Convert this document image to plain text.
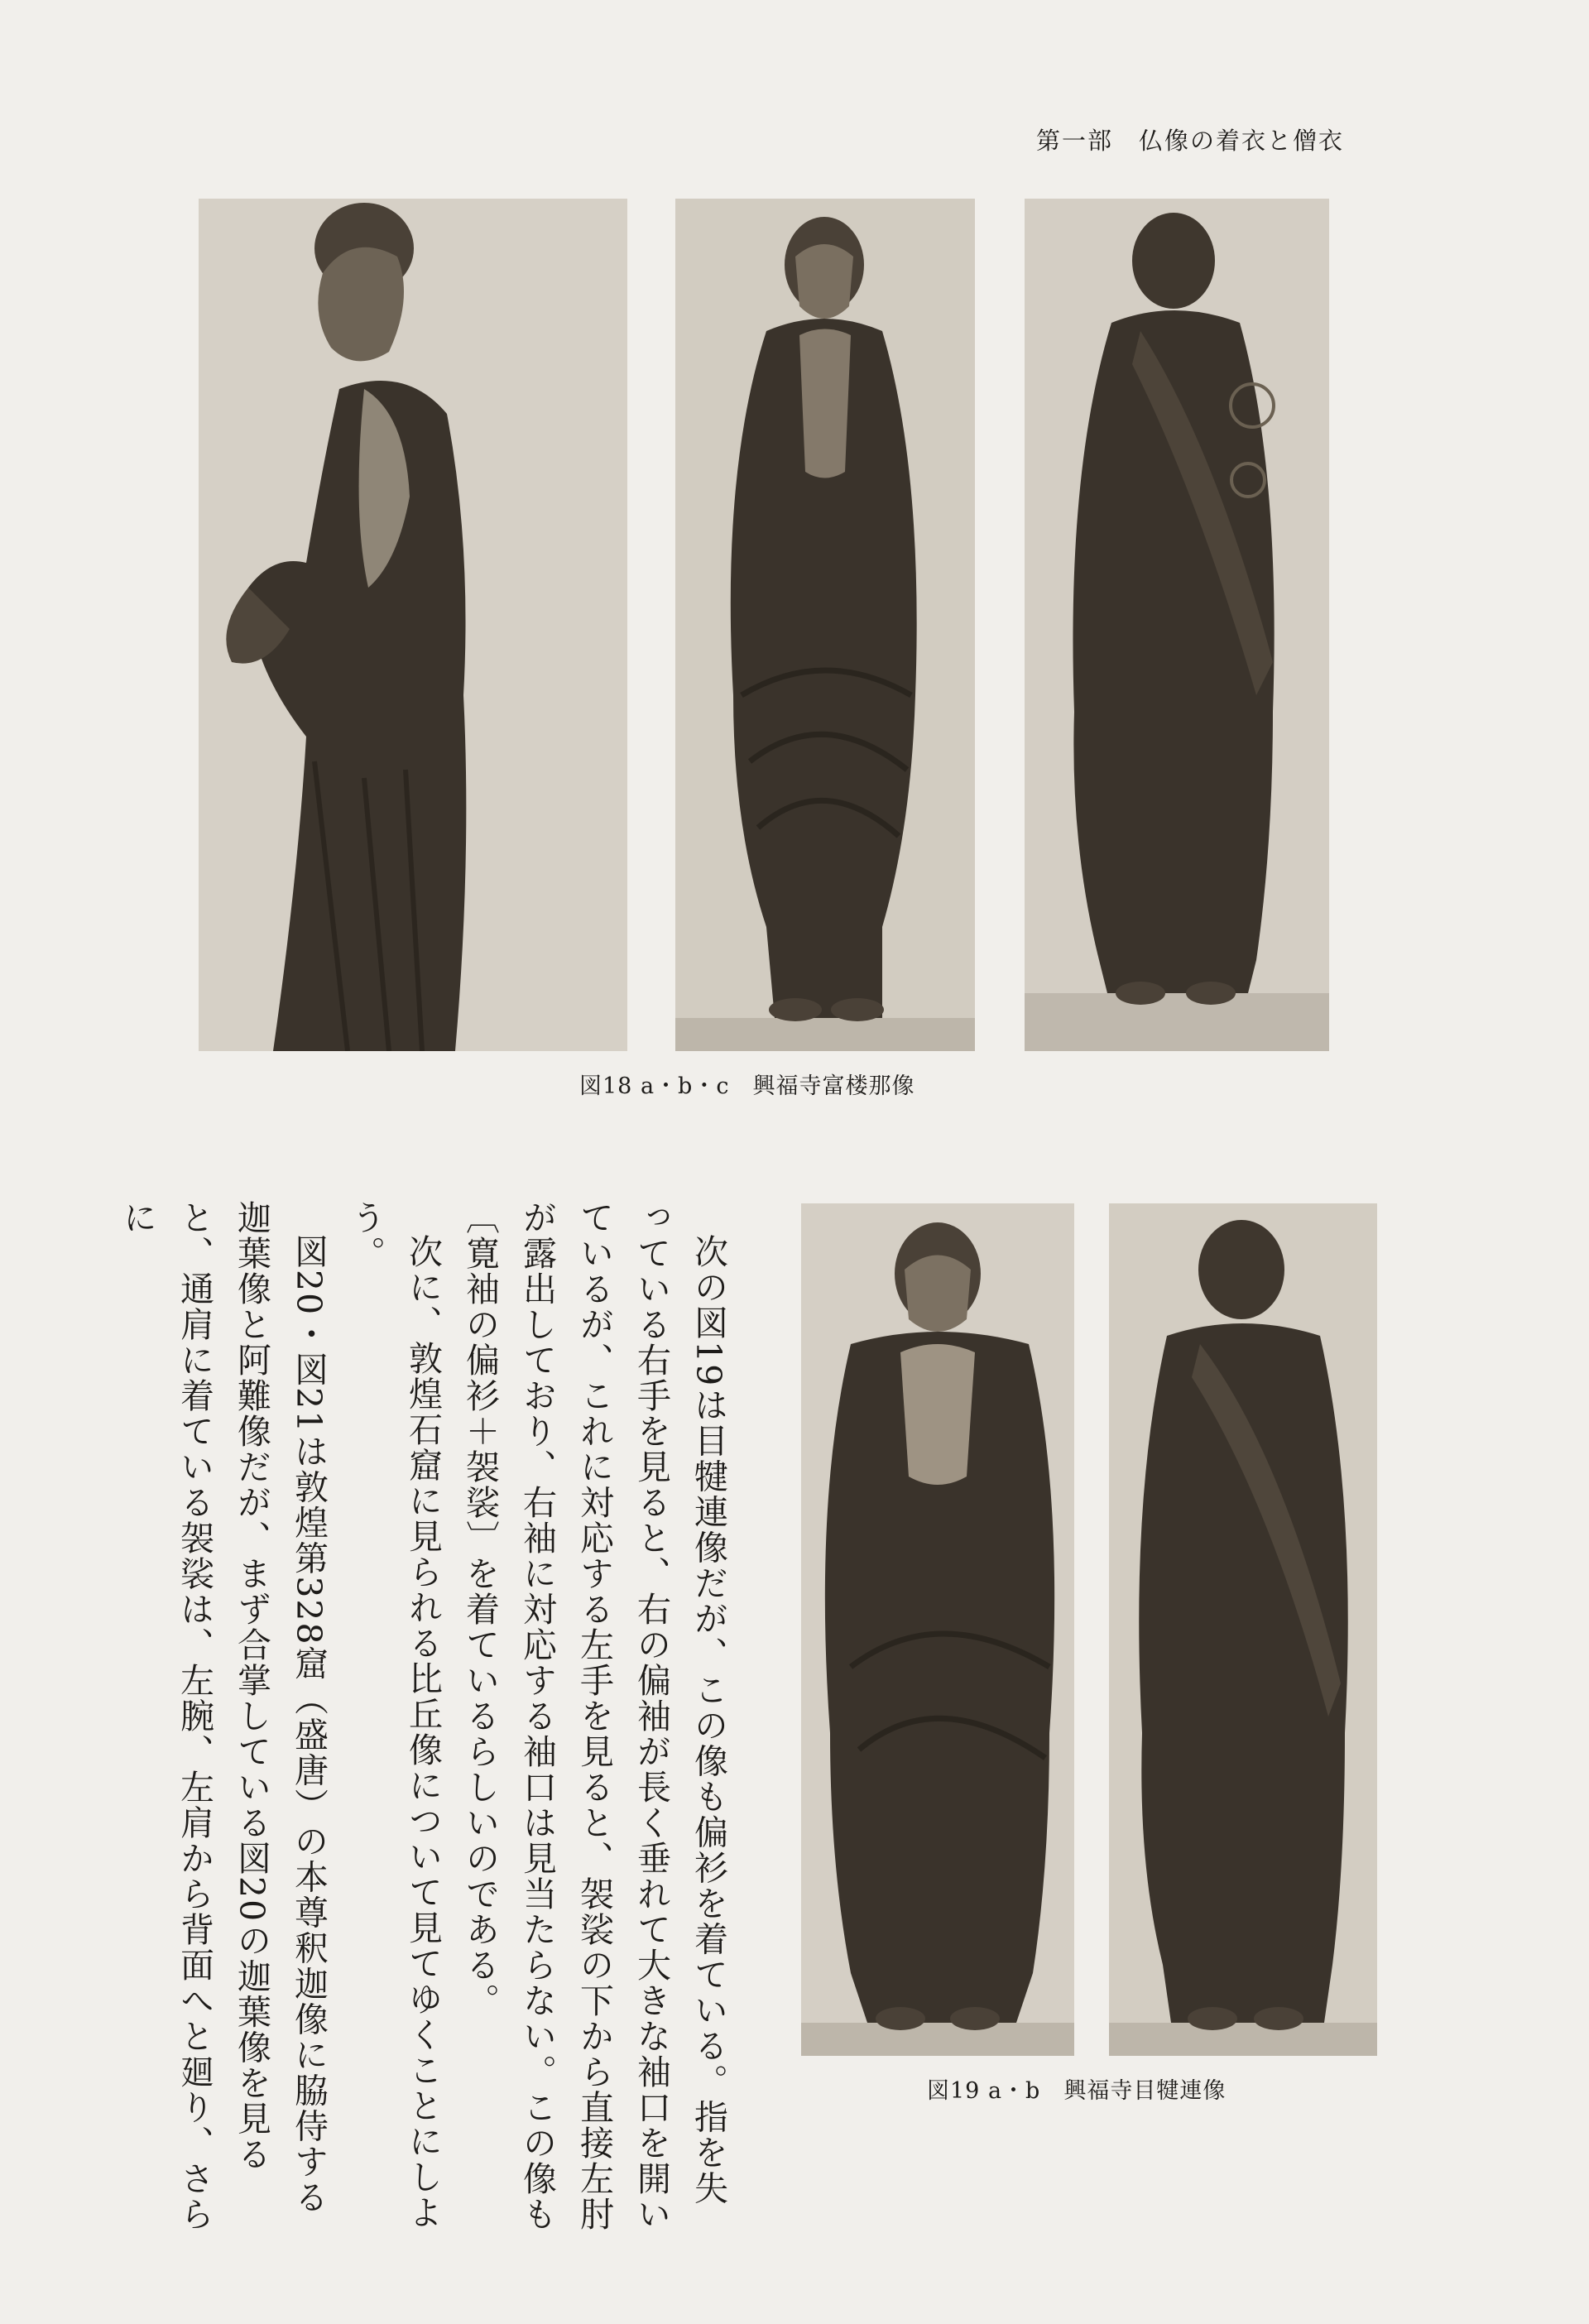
第一部　仏像の着衣と僧衣
図18 a・b・c　興福寺富楼那像

次の図19は目犍連像だが、この像も偏衫を着ている。指を失っている右手を見ると、右の偏袖が長く垂れて大きな袖口を開いているが、これに対応する左手を見ると、袈裟の下から直接左肘が露出しており、右袖に対応する袖口は見当たらない。この像も〔寛袖の偏衫＋袈裟〕を着ているらしいのである。

次に、敦煌石窟に見られる比丘像について見てゆくことにしよう。

図20・図21は敦煌第328窟（盛唐）の本尊釈迦像に脇侍する迦葉像と阿難像だが、まず合掌している図20の迦葉像を見ると、通肩に着ている袈裟は、左腕、左肩から背面へと廻り、さらに

図19 a・b　興福寺目犍連像
